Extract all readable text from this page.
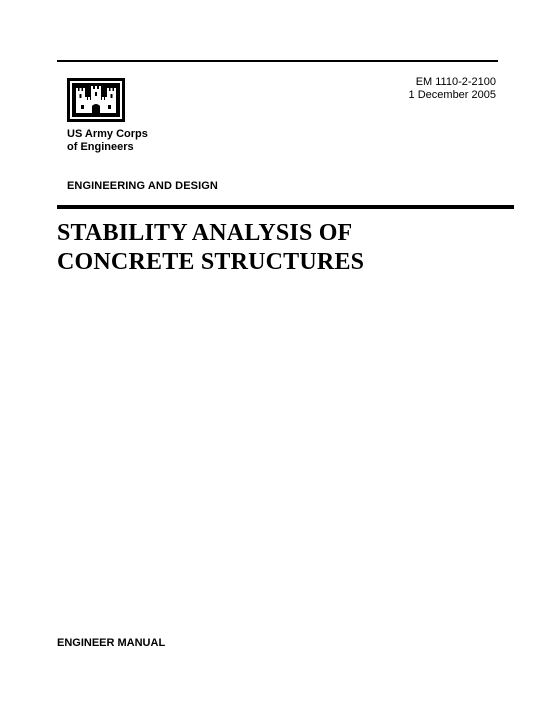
US Army Corps
of Engineers
EM 1110-2-2100
1 December 2005
ENGINEERING AND DESIGN
STABILITY ANALYSIS OF
CONCRETE STRUCTURES
ENGINEER MANUAL
